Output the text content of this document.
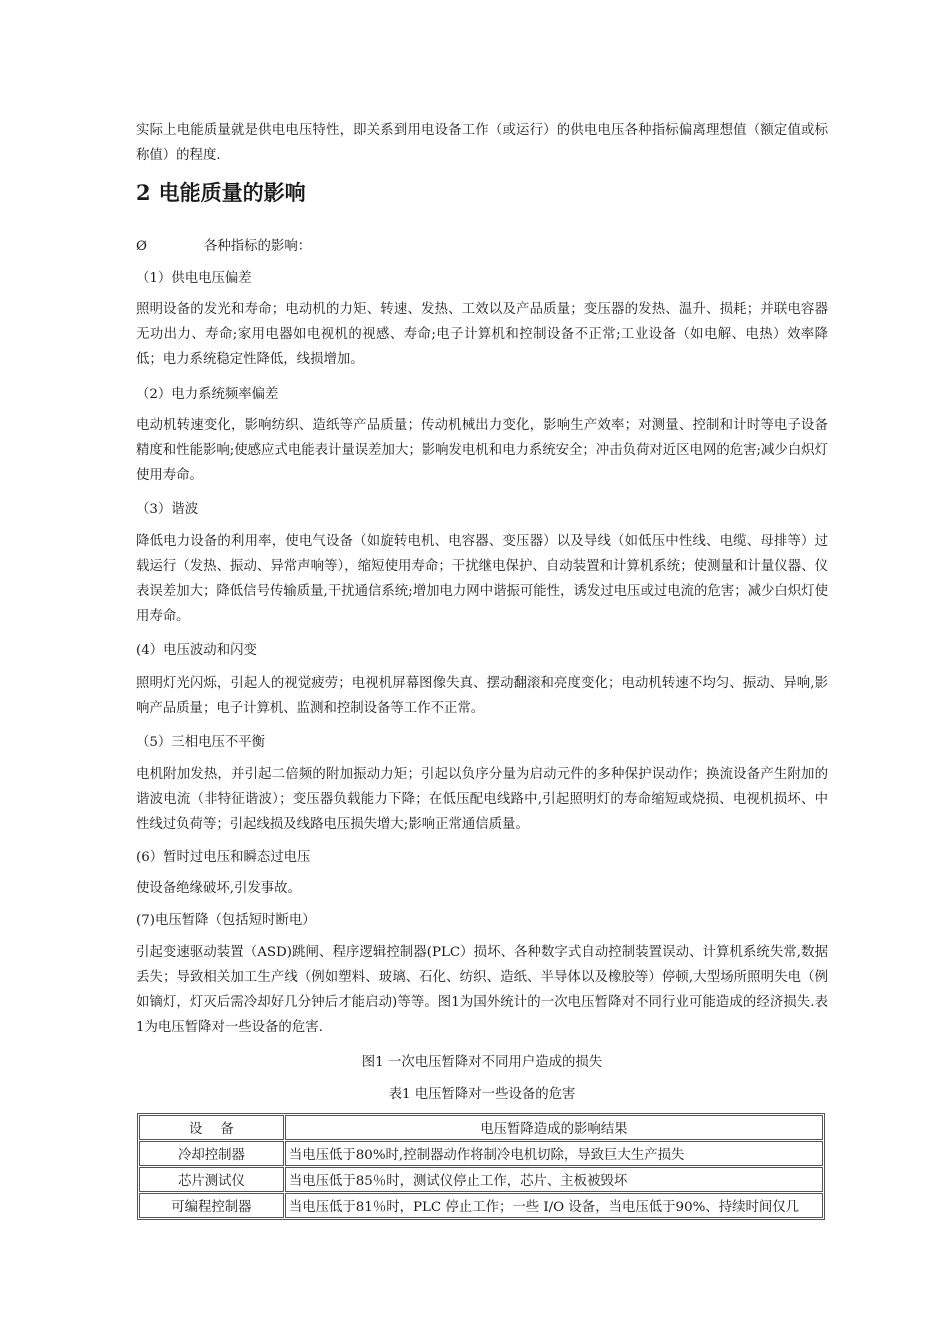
实际上电能质量就是供电电压特性，即关系到用电设备工作（或运行）的供电电压各种指标偏离理想值（额定值或标称值）的程度.

2 电能质量的影响
Ø	各种指标的影响：

（1）供电电压偏差

照明设备的发光和寿命；电动机的力矩、转速、发热、工效以及产品质量；变压器的发热、温升、损耗；并联电容器无功出力、寿命;家用电器如电视机的视感、寿命;电子计算机和控制设备不正常;工业设备（如电解、电热）效率降低；电力系统稳定性降低，线损增加。

（2）电力系统频率偏差

电动机转速变化，影响纺织、造纸等产品质量；传动机械出力变化，影响生产效率；对测量、控制和计时等电子设备精度和性能影响;使感应式电能表计量误差加大；影响发电机和电力系统安全；冲击负荷对近区电网的危害;减少白炽灯使用寿命。

（3）谐波

降低电力设备的利用率，使电气设备（如旋转电机、电容器、变压器）以及导线（如低压中性线、电缆、母排等）过载运行（发热、振动、异常声响等），缩短使用寿命；干扰继电保护、自动装置和计算机系统；使测量和计量仪器、仪表误差加大；降低信号传输质量,干扰通信系统;增加电力网中谐振可能性，诱发过电压或过电流的危害；减少白炽灯使用寿命。

(4）电压波动和闪变

照明灯光闪烁，引起人的视觉疲劳；电视机屏幕图像失真、摆动翻滚和亮度变化；电动机转速不均匀、振动、异响,影响产品质量；电子计算机、监测和控制设备等工作不正常。

（5）三相电压不平衡

电机附加发热，并引起二倍频的附加振动力矩；引起以负序分量为启动元件的多种保护误动作；换流设备产生附加的谐波电流（非特征谐波）；变压器负载能力下降；在低压配电线路中,引起照明灯的寿命缩短或烧损、电视机损坏、中性线过负荷等；引起线损及线路电压损失增大;影响正常通信质量。

(6）暂时过电压和瞬态过电压

使设备绝缘破坏,引发事故。

(7)电压暂降（包括短时断电）

引起变速驱动装置（ASD)跳闸、程序逻辑控制器(PLC）损坏、各种数字式自动控制装置误动、计算机系统失常,数据丢失；导致相关加工生产线（例如塑料、玻璃、石化、纺织、造纸、半导体以及橡胶等）停顿,大型场所照明失电（例如镝灯，灯灭后需冷却好几分钟后才能启动)等等。图1为国外统计的一次电压暂降对不同行业可能造成的经济损失.表1为电压暂降对一些设备的危害.

图1 一次电压暂降对不同用户造成的损失
表1 电压暂降对一些设备的危害
设备	电压暂降造成的影响结果
冷却控制器	当电压低于80%时,控制器动作将制冷电机切除，导致巨大生产损失
芯片测试仪	当电压低于85％时，测试仪停止工作，芯片、主板被毁坏
可编程控制器	当电压低于81％时，PLC 停止工作；一些 I/O 设备，当电压低于90%、持续时间仅几
